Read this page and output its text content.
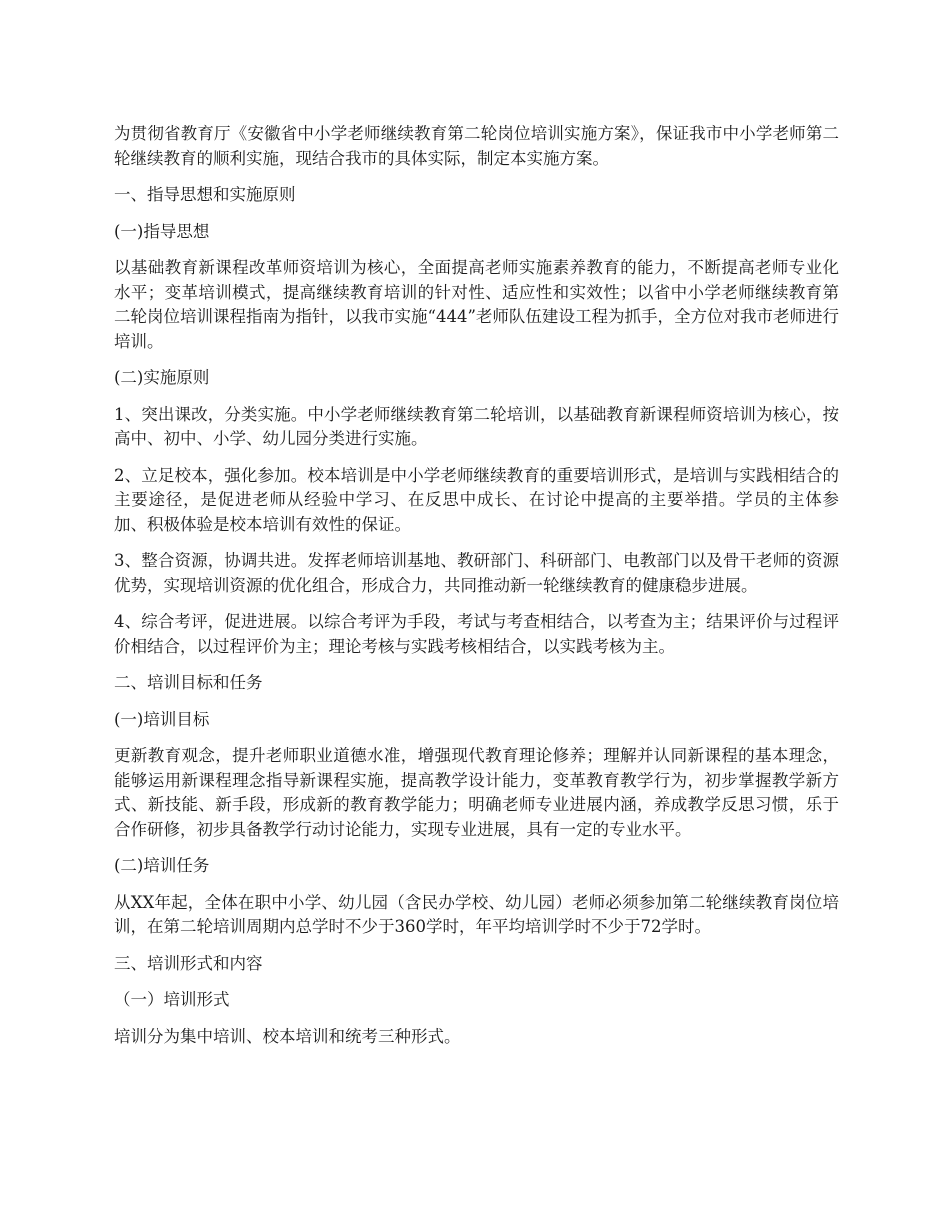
为贯彻省教育厅《安徽省中小学老师继续教育第二轮岗位培训实施方案》，保证我市中小学老师第二轮继续教育的顺利实施，现结合我市的具体实际，制定本实施方案。

一、指导思想和实施原则

(一)指导思想

以基础教育新课程改革师资培训为核心，全面提高老师实施素养教育的能力，不断提高老师专业化水平；变革培训模式，提高继续教育培训的针对性、适应性和实效性；以省中小学老师继续教育第二轮岗位培训课程指南为指针，以我市实施“444”老师队伍建设工程为抓手，全方位对我市老师进行培训。

(二)实施原则

1、突出课改，分类实施。中小学老师继续教育第二轮培训，以基础教育新课程师资培训为核心，按高中、初中、小学、幼儿园分类进行实施。

2、立足校本，强化参加。校本培训是中小学老师继续教育的重要培训形式，是培训与实践相结合的主要途径，是促进老师从经验中学习、在反思中成长、在讨论中提高的主要举措。学员的主体参加、积极体验是校本培训有效性的保证。

3、整合资源，协调共进。发挥老师培训基地、教研部门、科研部门、电教部门以及骨干老师的资源优势，实现培训资源的优化组合，形成合力，共同推动新一轮继续教育的健康稳步进展。

4、综合考评，促进进展。以综合考评为手段，考试与考查相结合，以考查为主；结果评价与过程评价相结合，以过程评价为主；理论考核与实践考核相结合，以实践考核为主。

二、培训目标和任务

(一)培训目标

更新教育观念，提升老师职业道德水准，增强现代教育理论修养；理解并认同新课程的基本理念，能够运用新课程理念指导新课程实施，提高教学设计能力，变革教育教学行为，初步掌握教学新方式、新技能、新手段，形成新的教育教学能力；明确老师专业进展内涵，养成教学反思习惯，乐于合作研修，初步具备教学行动讨论能力，实现专业进展，具有一定的专业水平。

(二)培训任务

从XX年起，全体在职中小学、幼儿园（含民办学校、幼儿园）老师必须参加第二轮继续教育岗位培训，在第二轮培训周期内总学时不少于360学时，年平均培训学时不少于72学时。

三、培训形式和内容

（一）培训形式

培训分为集中培训、校本培训和统考三种形式。
